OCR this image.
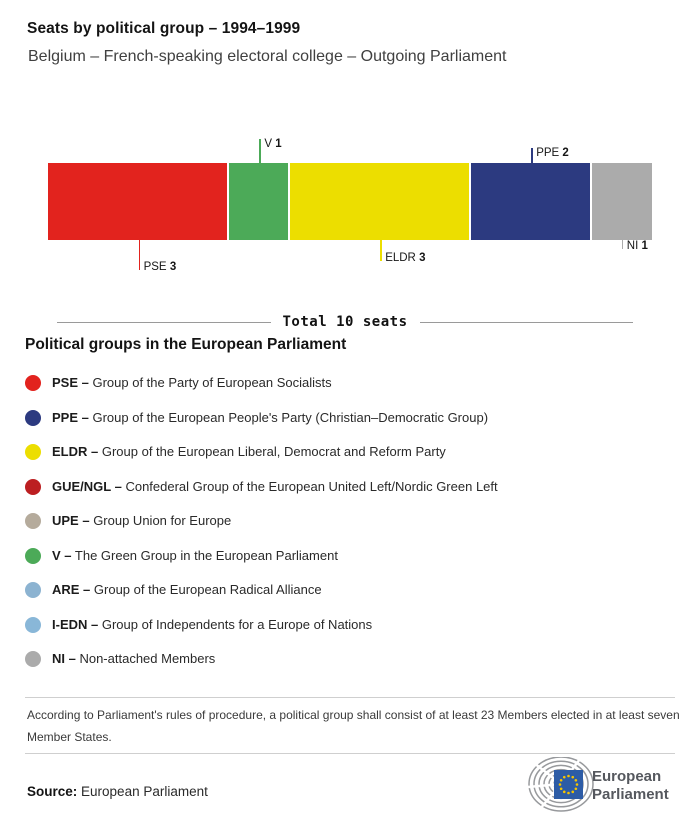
Seats by political group – 1994–1999
Belgium – French-speaking electoral college – Outgoing Parliament
PSE 3
V 1
ELDR 3
PPE 2
NI 1
Total 10 seats
Political groups in the European Parliament
PSE – Group of the Party of European Socialists
PPE – Group of the European People's Party (Christian–Democratic Group)
ELDR – Group of the European Liberal, Democrat and Reform Party
GUE/NGL – Confederal Group of the European United Left/Nordic Green Left
UPE – Group Union for Europe
V – The Green Group in the European Parliament
ARE – Group of the European Radical Alliance
I-EDN – Group of Independents for a Europe of Nations
NI – Non-attached Members
According to Parliament's rules of procedure, a political group shall consist of at least 23 Members elected in at least seven Member States.
Source: European Parliament
European
Parliament
